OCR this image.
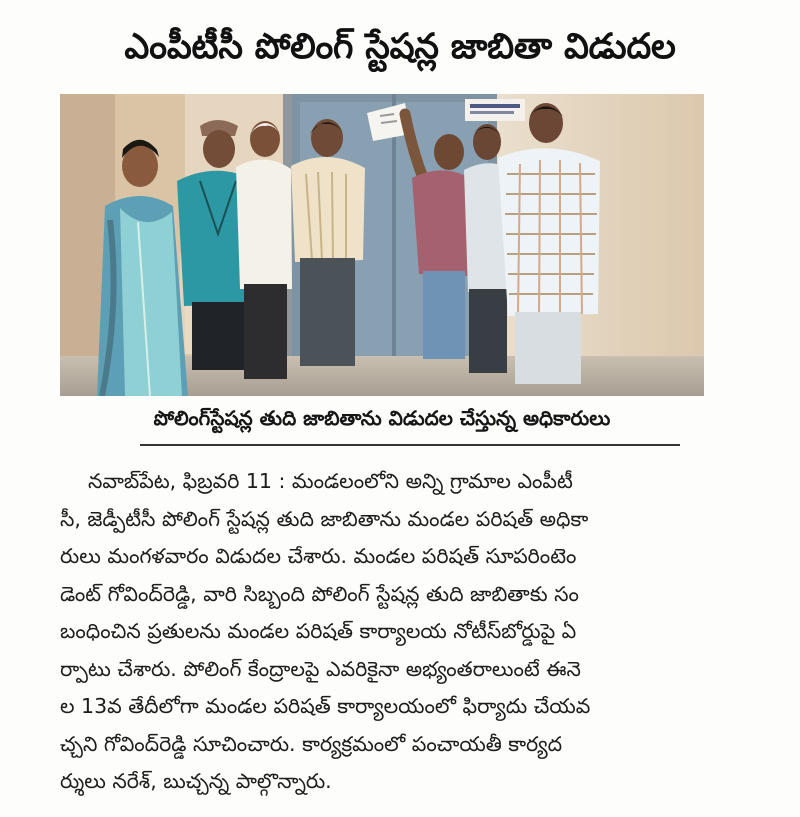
ఎంపీటీసీ పోలింగ్ స్టేషన్ల జాబితా విడుదల
పోలింగ్‌స్టేషన్ల తుది జాబితాను విడుదల చేస్తున్న అధికారులు
నవాబ్‌పేట, ఫిబ్రవరి 11 : మండలంలోని అన్ని గ్రామాల ఎంపీటీ
సీ, జెడ్పీటీసీ పోలింగ్ స్టేషన్ల తుది జాబితాను మండల పరిషత్ అధికా
రులు మంగళవారం విడుదల చేశారు. మండల పరిషత్ సూపరింటెం
డెంట్ గోవింద్‌రెడ్డి, వారి సిబ్బంది పోలింగ్ స్టేషన్ల తుది జాబితాకు సం
బంధించిన ప్రతులను మండల పరిషత్ కార్యాలయ నోటీస్‌బోర్డుపై ఏ
ర్పాటు చేశారు. పోలింగ్ కేంద్రాలపై ఎవరికైనా అభ్యంతరాలుంటే ఈనె
ల 13వ తేదీలోగా మండల పరిషత్ కార్యాలయంలో ఫిర్యాదు చేయవ
చ్చని గోవింద్‌రెడ్డి సూచించారు. కార్యక్రమంలో పంచాయతీ కార్యద
ర్శులు నరేశ్, బుచ్చన్న పాల్గొన్నారు.
